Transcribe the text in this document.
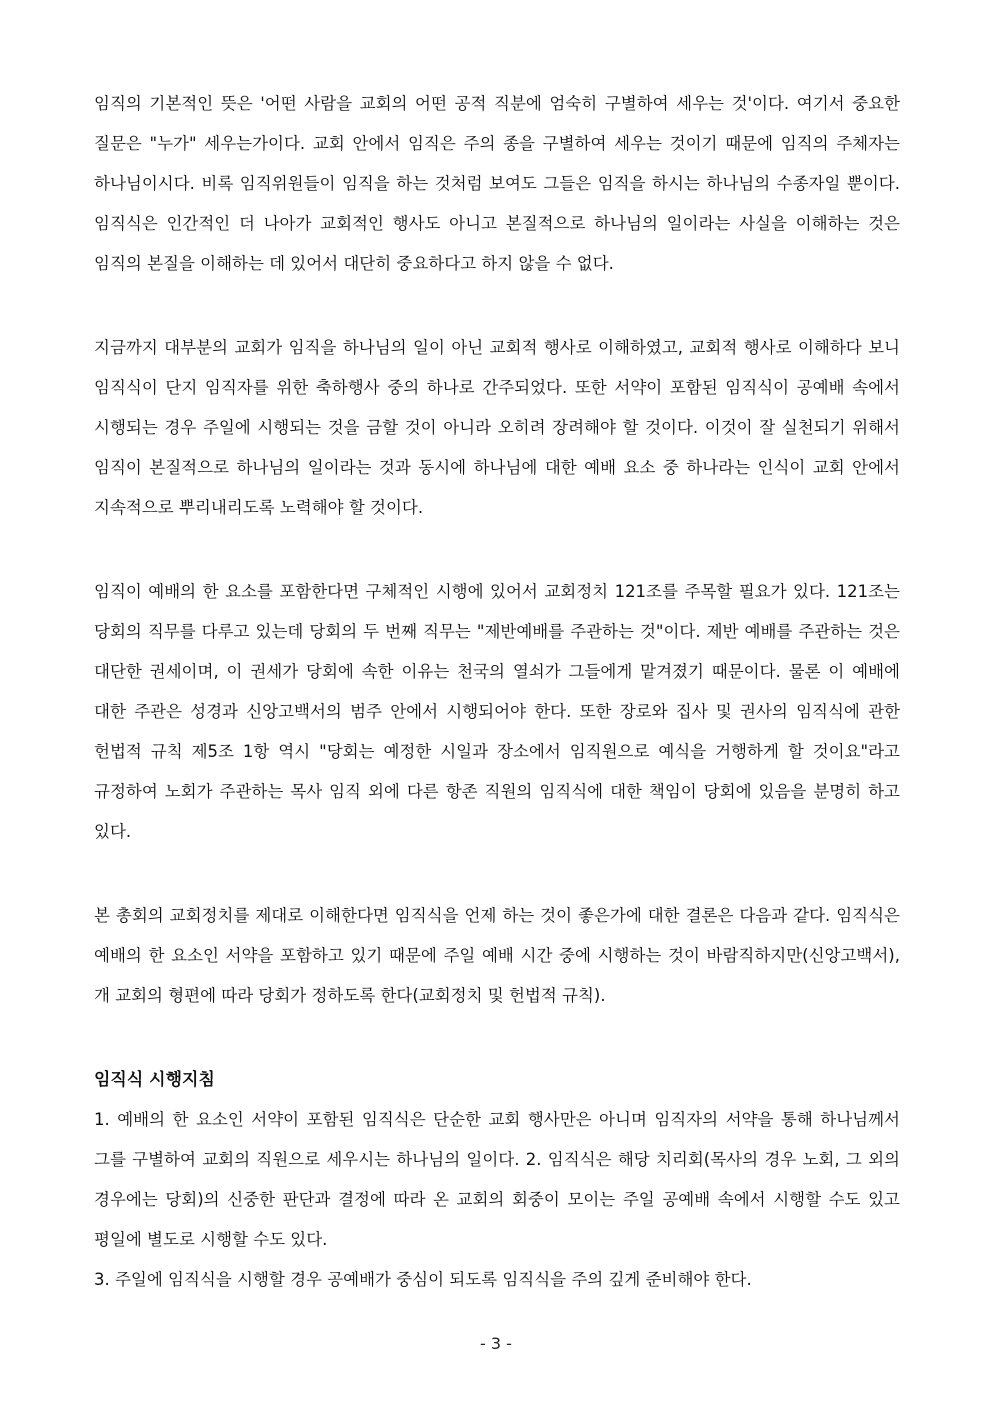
임직의 기본적인 뜻은 '어떤 사람을 교회의 어떤 공적 직분에 엄숙히 구별하여 세우는 것'이다. 여기서 중요한 질문은 "누가" 세우는가이다. 교회 안에서 임직은 주의 종을 구별하여 세우는 것이기 때문에 임직의 주체자는 하나님이시다. 비록 임직위원들이 임직을 하는 것처럼 보여도 그들은 임직을 하시는 하나님의 수종자일 뿐이다. 임직식은 인간적인 더 나아가 교회적인 행사도 아니고 본질적으로 하나님의 일이라는 사실을 이해하는 것은 임직의 본질을 이해하는 데 있어서 대단히 중요하다고 하지 않을 수 없다.

지금까지 대부분의 교회가 임직을 하나님의 일이 아닌 교회적 행사로 이해하였고, 교회적 행사로 이해하다 보니 임직식이 단지 임직자를 위한 축하행사 중의 하나로 간주되었다. 또한 서약이 포함된 임직식이 공예배 속에서 시행되는 경우 주일에 시행되는 것을 금할 것이 아니라 오히려 장려해야 할 것이다. 이것이 잘 실천되기 위해서 임직이 본질적으로 하나님의 일이라는 것과 동시에 하나님에 대한 예배 요소 중 하나라는 인식이 교회 안에서 지속적으로 뿌리내리도록 노력해야 할 것이다.

임직이 예배의 한 요소를 포함한다면 구체적인 시행에 있어서 교회정치 121조를 주목할 필요가 있다. 121조는 당회의 직무를 다루고 있는데 당회의 두 번째 직무는 "제반예배를 주관하는 것"이다. 제반 예배를 주관하는 것은 대단한 권세이며, 이 권세가 당회에 속한 이유는 천국의 열쇠가 그들에게 맡겨졌기 때문이다. 물론 이 예배에 대한 주관은 성경과 신앙고백서의 범주 안에서 시행되어야 한다. 또한 장로와 집사 및 권사의 임직식에 관한 헌법적 규칙 제5조 1항 역시 "당회는 예정한 시일과 장소에서 임직원으로 예식을 거행하게 할 것이요"라고 규정하여 노회가 주관하는 목사 임직 외에 다른 항존 직원의 임직식에 대한 책임이 당회에 있음을 분명히 하고 있다.

본 총회의 교회정치를 제대로 이해한다면 임직식을 언제 하는 것이 좋은가에 대한 결론은 다음과 같다. 임직식은 예배의 한 요소인 서약을 포함하고 있기 때문에 주일 예배 시간 중에 시행하는 것이 바람직하지만(신앙고백서), 개 교회의 형편에 따라 당회가 정하도록 한다(교회정치 및 헌법적 규칙).

임직식 시행지침

1. 예배의 한 요소인 서약이 포함된 임직식은 단순한 교회 행사만은 아니며 임직자의 서약을 통해 하나님께서 그를 구별하여 교회의 직원으로 세우시는 하나님의 일이다. 2. 임직식은 해당 치리회(목사의 경우 노회, 그 외의 경우에는 당회)의 신중한 판단과 결정에 따라 온 교회의 회중이 모이는 주일 공예배 속에서 시행할 수도 있고 평일에 별도로 시행할 수도 있다.

3. 주일에 임직식을 시행할 경우 공예배가 중심이 되도록 임직식을 주의 깊게 준비해야 한다.

- 3 -
